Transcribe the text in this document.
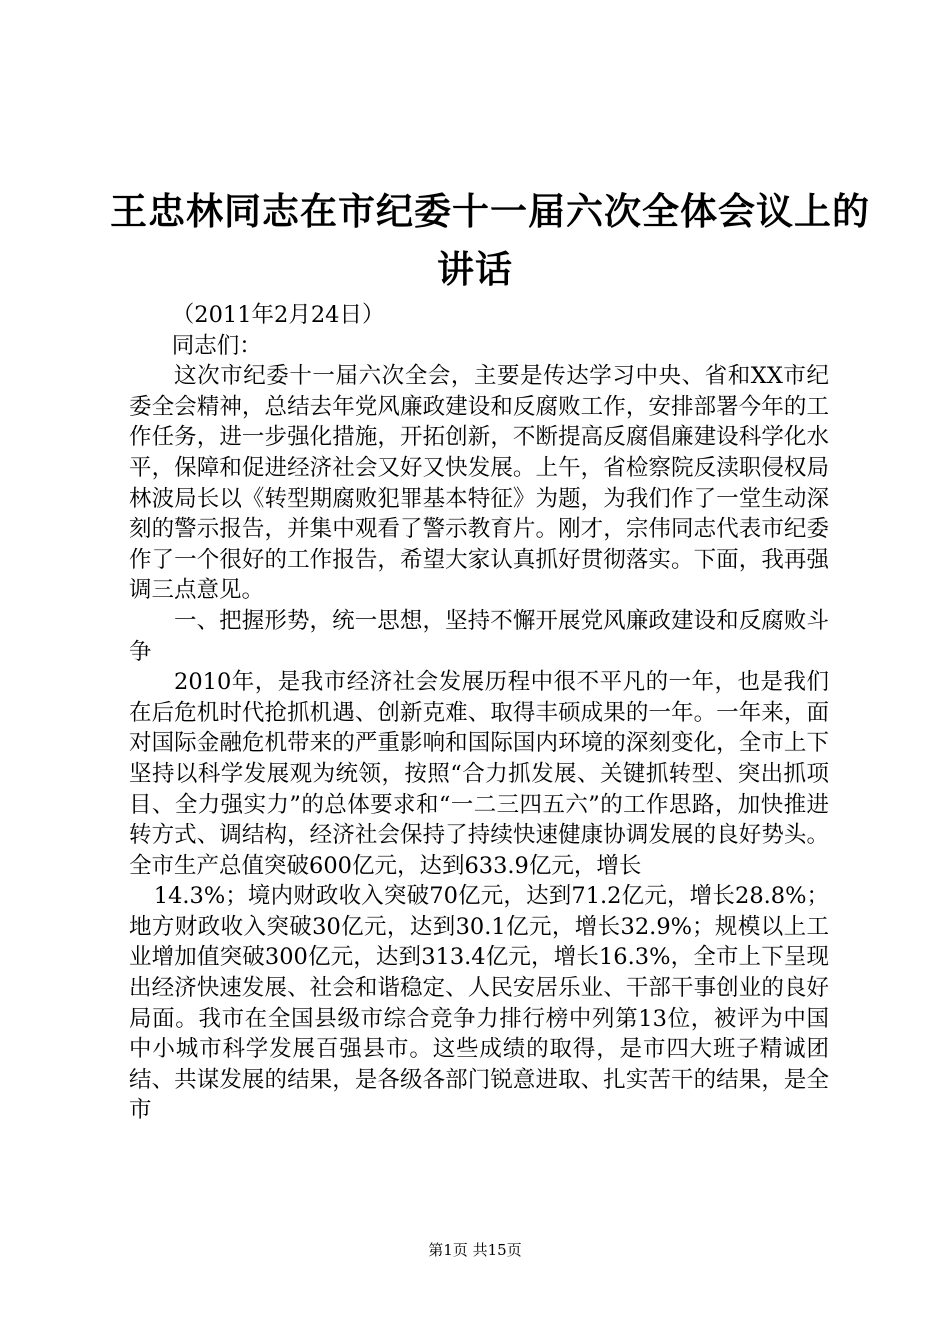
王忠林同志在市纪委十一届六次全体会议上的
讲话

（2011年2月24日）

同志们：

这次市纪委十一届六次全会，主要是传达学习中央、省和XX市纪委全会精神，总结去年党风廉政建设和反腐败工作，安排部署今年的工作任务，进一步强化措施，开拓创新，不断提高反腐倡廉建设科学化水平，保障和促进经济社会又好又快发展。上午，省检察院反渎职侵权局林波局长以《转型期腐败犯罪基本特征》为题，为我们作了一堂生动深刻的警示报告，并集中观看了警示教育片。刚才，宗伟同志代表市纪委作了一个很好的工作报告，希望大家认真抓好贯彻落实。下面，我再强调三点意见。

一、把握形势，统一思想，坚持不懈开展党风廉政建设和反腐败斗争

2010年，是我市经济社会发展历程中很不平凡的一年，也是我们在后危机时代抢抓机遇、创新克难、取得丰硕成果的一年。一年来，面对国际金融危机带来的严重影响和国际国内环境的深刻变化，全市上下坚持以科学发展观为统领，按照“合力抓发展、关键抓转型、突出抓项目、全力强实力”的总体要求和“一二三四五六”的工作思路，加快推进转方式、调结构，经济社会保持了持续快速健康协调发展的良好势头。全市生产总值突破600亿元，达到633.9亿元，增长

14.3%；境内财政收入突破70亿元，达到71.2亿元，增长28.8%；地方财政收入突破30亿元，达到30.1亿元，增长32.9%；规模以上工业增加值突破300亿元，达到313.4亿元，增长16.3%，全市上下呈现出经济快速发展、社会和谐稳定、人民安居乐业、干部干事创业的良好局面。我市在全国县级市综合竞争力排行榜中列第13位，被评为中国中小城市科学发展百强县市。这些成绩的取得，是市四大班子精诚团结、共谋发展的结果，是各级各部门锐意进取、扎实苦干的结果，是全市

第1页 共15页
